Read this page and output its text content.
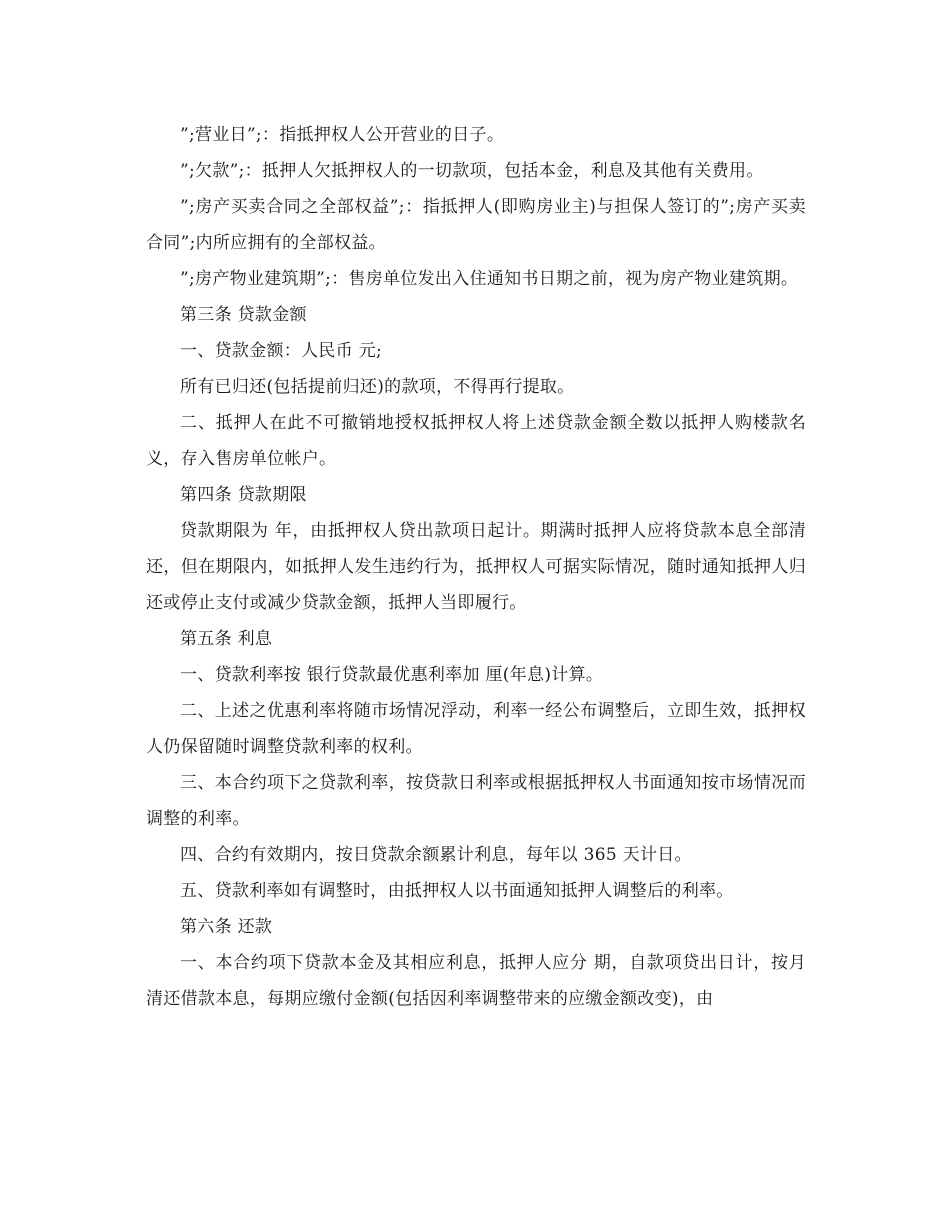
”;营业日”;：指抵押权人公开营业的日子。

”;欠款”;：抵押人欠抵押权人的一切款项，包括本金，利息及其他有关费用。

”;房产买卖合同之全部权益”;：指抵押人(即购房业主)与担保人签订的”;房产买卖合同”;内所应拥有的全部权益。

”;房产物业建筑期”;：售房单位发出入住通知书日期之前，视为房产物业建筑期。

第三条 贷款金额

一、贷款金额：人民币 元;

所有已归还(包括提前归还)的款项，不得再行提取。

二、抵押人在此不可撤销地授权抵押权人将上述贷款金额全数以抵押人购楼款名义，存入售房单位帐户。

第四条 贷款期限

贷款期限为 年，由抵押权人贷出款项日起计。期满时抵押人应将贷款本息全部清还，但在期限内，如抵押人发生违约行为，抵押权人可据实际情况，随时通知抵押人归还或停止支付或减少贷款金额，抵押人当即履行。

第五条 利息

一、贷款利率按 银行贷款最优惠利率加 厘(年息)计算。

二、上述之优惠利率将随市场情况浮动，利率一经公布调整后，立即生效，抵押权人仍保留随时调整贷款利率的权利。

三、本合约项下之贷款利率，按贷款日利率或根据抵押权人书面通知按市场情况而调整的利率。

四、合约有效期内，按日贷款余额累计利息，每年以 365 天计日。

五、贷款利率如有调整时，由抵押权人以书面通知抵押人调整后的利率。

第六条 还款

一、本合约项下贷款本金及其相应利息，抵押人应分 期，自款项贷出日计，按月清还借款本息，每期应缴付金额(包括因利率调整带来的应缴金额改变)，由
